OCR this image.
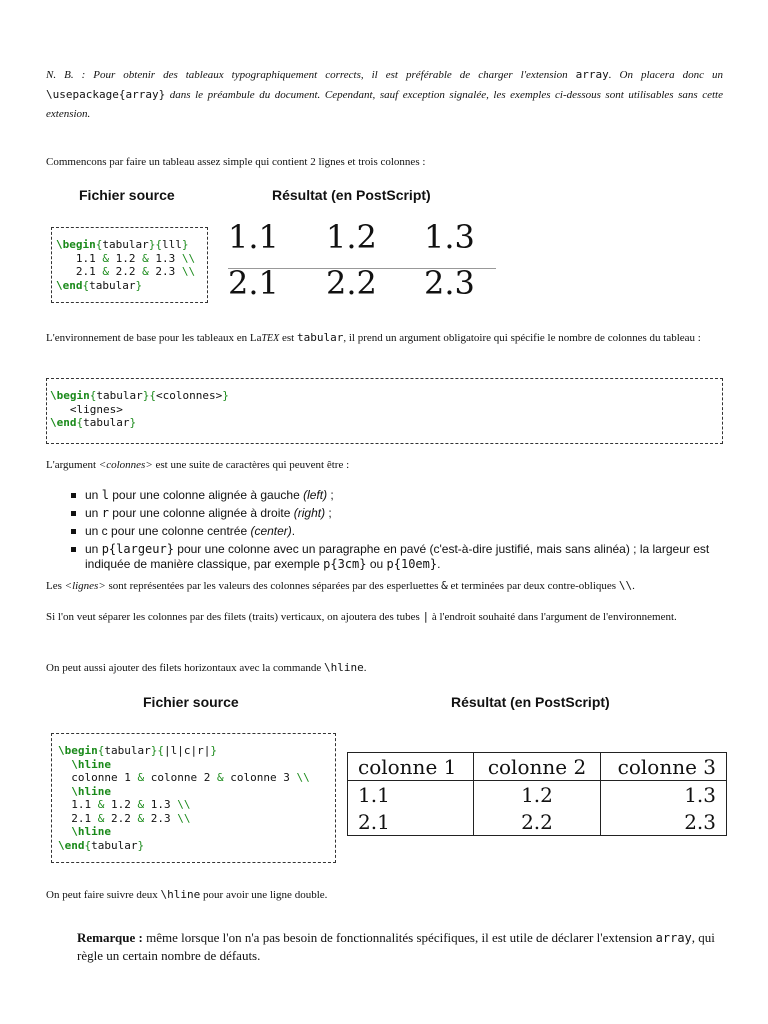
N. B. : Pour obtenir des tableaux typographiquement corrects, il est préférable de charger l'extension array. On placera donc un \usepackage{array} dans le préambule du document. Cependant, sauf exception signalée, les exemples ci-dessous sont utilisables sans cette extension.
Commencons par faire un tableau assez simple qui contient 2 lignes et trois colonnes :
Fichier source	Résultat (en PostScript)
\begin{tabular}{lll}
1.1 & 1.2 & 1.3 \\
2.1 & 2.2 & 2.3 \\
\end{tabular}
1.1 1.2 1.3
2.1 2.2 2.3
L'environnement de base pour les tableaux en LaTEX est tabular, il prend un argument obligatoire qui spécifie le nombre de colonnes du tableau :
\begin{tabular}{<colonnes>}
<lignes>
\end{tabular}
L'argument <colonnes> est une suite de caractères qui peuvent être :
un l pour une colonne alignée à gauche (left) ;
un r pour une colonne alignée à droite (right) ;
un c pour une colonne centrée (center).
un p{largeur} pour une colonne avec un paragraphe en pavé (c'est-à-dire justifié, mais sans alinéa) ; la largeur est indiquée de manière classique, par exemple p{3cm} ou p{10em}.
Les <lignes> sont représentées par les valeurs des colonnes séparées par des esperluettes & et terminées par deux contre-obliques \\.
Si l'on veut séparer les colonnes par des filets (traits) verticaux, on ajoutera des tubes | à l'endroit souhaité dans l'argument de l'environnement.
On peut aussi ajouter des filets horizontaux avec la commande \hline.
Fichier source	Résultat (en PostScript)
\begin{tabular}{|l|c|r|}
\hline
colonne 1 & colonne 2 & colonne 3 \\
\hline
1.1 & 1.2 & 1.3 \\
2.1 & 2.2 & 2.3 \\
\hline
\end{tabular}
colonne 1	colonne 2	colonne 3
1.1	1.2	1.3
2.1	2.2	2.3
On peut faire suivre deux \hline pour avoir une ligne double.
Remarque : même lorsque l'on n'a pas besoin de fonctionnalités spécifiques, il est utile de déclarer l'extension array, qui règle un certain nombre de défauts.
